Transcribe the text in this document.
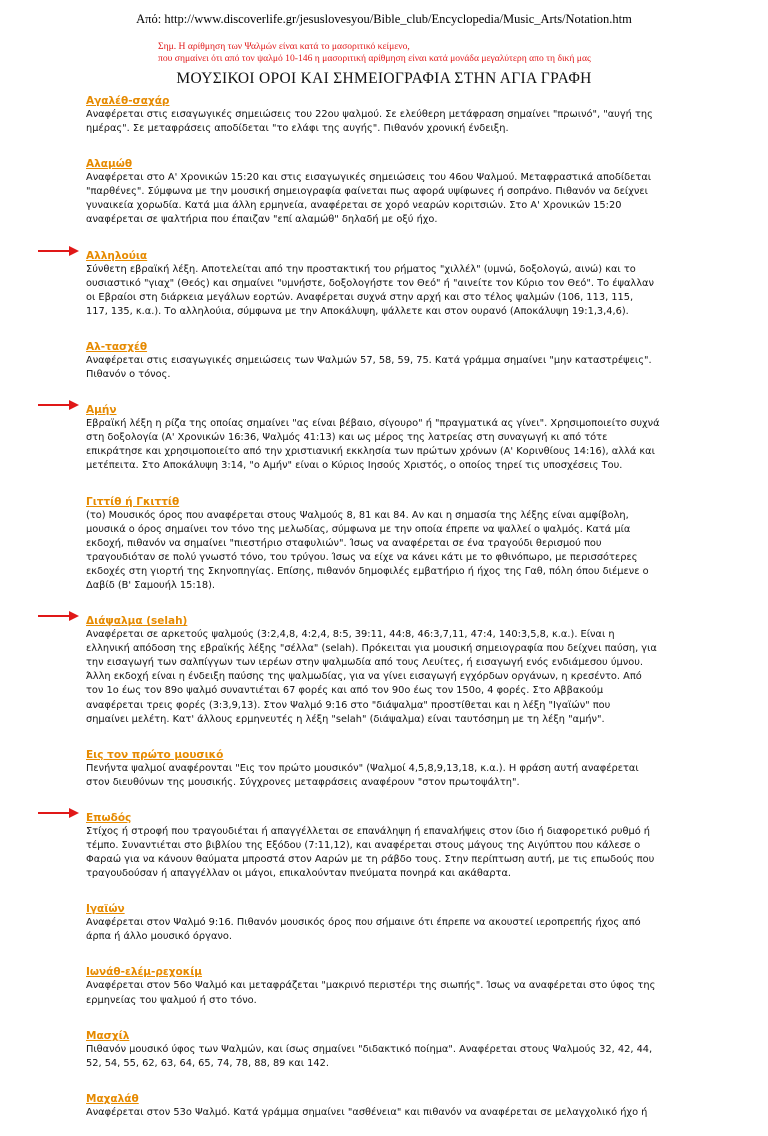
Από: http://www.discoverlife.gr/jesuslovesyou/Bible_club/Encyclopedia/Music_Arts/Notation.htm
Σημ. Η αρίθμηση των Ψαλμών είναι κατά το μασοριτικό κείμενο,
που σημαίνει ότι από τον ψαλμό 10-146 η μασοριτική αρίθμηση είναι κατά μονάδα μεγαλύτερη απο τη δική μας
ΜΟΥΣΙΚΟΙ ΟΡΟΙ ΚΑΙ ΣΗΜΕΙΟΓΡΑΦΙΑ ΣΤΗΝ ΑΓΙΑ ΓΡΑΦΗ
Αγαλέθ-σαχάρ
Αναφέρεται στις εισαγωγικές σημειώσεις του 22ου ψαλμού. Σε ελεύθερη μετάφραση σημαίνει "πρωινό", "αυγή της
ημέρας". Σε μεταφράσεις αποδίδεται "το ελάφι της αυγής". Πιθανόν χρονική ένδειξη.
Αλαμώθ
Αναφέρεται στο Α' Χρονικών 15:20 και στις εισαγωγικές σημειώσεις του 46ου Ψαλμού. Μεταφραστικά αποδίδεται
"παρθένες". Σύμφωνα με την μουσική σημειογραφία φαίνεται πως αφορά υψίφωνες ή σοπράνο. Πιθανόν να δείχνει
γυναικεία χορωδία. Κατά μια άλλη ερμηνεία, αναφέρεται σε χορό νεαρών κοριτσιών. Στο Α' Χρονικών 15:20
αναφέρεται σε ψαλτήρια που έπαιζαν "επί αλαμώθ" δηλαδή με οξύ ήχο.
Αλληλούια
Σύνθετη εβραϊκή λέξη. Αποτελείται από την προστακτική του ρήματος "χιλλέλ" (υμνώ, δοξολογώ, αινώ) και το
ουσιαστικό "γιαχ" (Θεός) και σημαίνει "υμνήστε, δοξολογήστε τον Θεό" ή "αινείτε τον Κύριο τον Θεό". Το έψαλλαν
οι Εβραίοι στη διάρκεια μεγάλων εορτών. Αναφέρεται συχνά στην αρχή και στο τέλος ψαλμών (106, 113, 115,
117, 135, κ.α.). Το αλληλούια, σύμφωνα με την Αποκάλυψη, ψάλλετε και στον ουρανό (Αποκάλυψη 19:1,3,4,6).
Αλ-τασχέθ
Αναφέρεται στις εισαγωγικές σημειώσεις των Ψαλμών 57, 58, 59, 75. Κατά γράμμα σημαίνει "μην καταστρέψεις".
Πιθανόν ο τόνος.
Αμήν
Εβραϊκή λέξη η ρίζα της οποίας σημαίνει "ας είναι βέβαιο, σίγουρο" ή "πραγματικά ας γίνει". Χρησιμοποιείτο συχνά
στη δοξολογία (Α' Χρονικών 16:36, Ψαλμός 41:13) και ως μέρος της λατρείας στη συναγωγή κι από τότε
επικράτησε και χρησιμοποιείτο από την χριστιανική εκκλησία των πρώτων χρόνων (Α' Κορινθίους 14:16), αλλά και
μετέπειτα. Στο Αποκάλυψη 3:14, "ο Αμήν" είναι ο Κύριος Ιησούς Χριστός, ο οποίος τηρεί τις υποσχέσεις Του.
Γιττίθ ή Γκιττίθ
(το) Μουσικός όρος που αναφέρεται στους Ψαλμούς 8, 81 και 84. Αν και η σημασία της λέξης είναι αμφίβολη,
μουσικά ο όρος σημαίνει τον τόνο της μελωδίας, σύμφωνα με την οποία έπρεπε να ψαλλεί ο ψαλμός. Κατά μία
εκδοχή, πιθανόν να σημαίνει "πιεστήριο σταφυλιών". Ίσως να αναφέρεται σε ένα τραγούδι θερισμού που
τραγουδιόταν σε πολύ γνωστό τόνο, του τρύγου. Ίσως να είχε να κάνει κάτι με το φθινόπωρο, με περισσότερες
εκδοχές στη γιορτή της Σκηνοπηγίας. Επίσης, πιθανόν δημοφιλές εμβατήριο ή ήχος της Γαθ, πόλη όπου διέμενε ο
Δαβίδ (Β' Σαμουήλ 15:18).
Διάψαλμα (selah)
Αναφέρεται σε αρκετούς ψαλμούς (3:2,4,8, 4:2,4, 8:5, 39:11, 44:8, 46:3,7,11, 47:4, 140:3,5,8, κ.α.). Είναι η
ελληνική απόδοση της εβραϊκής λέξης "σέλλα" (selah). Πρόκειται για μουσική σημειογραφία που δείχνει παύση, για
την εισαγωγή των σαλπίγγων των ιερέων στην ψαλμωδία από τους Λευίτες, ή εισαγωγή ενός ενδιάμεσου ύμνου.
Άλλη εκδοχή είναι η ένδειξη παύσης της ψαλμωδίας, για να γίνει εισαγωγή εγχόρδων οργάνων, η κρεσέντο. Από
τον 1ο έως τον 89ο ψαλμό συναντιέται 67 φορές και από τον 90ο έως τον 150ο, 4 φορές. Στο Αββακούμ
αναφέρεται τρεις φορές (3:3,9,13). Στον Ψαλμό 9:16 στο "διάψαλμα" προστίθεται και η λέξη "Ιγαϊών" που
σημαίνει μελέτη. Κατ' άλλους ερμηνευτές η λέξη "selah" (διάψαλμα) είναι ταυτόσημη με τη λέξη "αμήν".
Εις τον πρώτο μουσικό
Πενήντα ψαλμοί αναφέρονται "Εις τον πρώτο μουσικόν" (Ψαλμοί 4,5,8,9,13,18, κ.α.). Η φράση αυτή αναφέρεται
στον διευθύνων της μουσικής. Σύγχρονες μεταφράσεις αναφέρουν "στον πρωτοψάλτη".
Επωδός
Στίχος ή στροφή που τραγουδιέται ή απαγγέλλεται σε επανάληψη ή επαναλήψεις στον ίδιο ή διαφορετικό ρυθμό ή
τέμπο. Συναντιέται στο βιβλίου της Εξόδου (7:11,12), και αναφέρεται στους μάγους της Αιγύπτου που κάλεσε ο
Φαραώ για να κάνουν θαύματα μπροστά στον Ααρών με τη ράβδο τους. Στην περίπτωση αυτή, με τις επωδούς που
τραγουδούσαν ή απαγγέλλαν οι μάγοι, επικαλούνταν πνεύματα πονηρά και ακάθαρτα.
Ιγαϊών
Αναφέρεται στον Ψαλμό 9:16. Πιθανόν μουσικός όρος που σήμαινε ότι έπρεπε να ακουστεί ιεροπρεπής ήχος από
άρπα ή άλλο μουσικό όργανο.
Ιωνάθ-ελέμ-ρεχοκίμ
Αναφέρεται στον 56ο Ψαλμό και μεταφράζεται "μακρινό περιστέρι της σιωπής". Ίσως να αναφέρεται στο ύφος της
ερμηνείας του ψαλμού ή στο τόνο.
Μασχίλ
Πιθανόν μουσικό ύφος των Ψαλμών, και ίσως σημαίνει "διδακτικό ποίημα". Αναφέρεται στους Ψαλμούς 32, 42, 44,
52, 54, 55, 62, 63, 64, 65, 74, 78, 88, 89 και 142.
Μαχαλάθ
Αναφέρεται στον 53ο Ψαλμό. Κατά γράμμα σημαίνει "ασθένεια" και πιθανόν να αναφέρεται σε μελαγχολικό ήχο ή
